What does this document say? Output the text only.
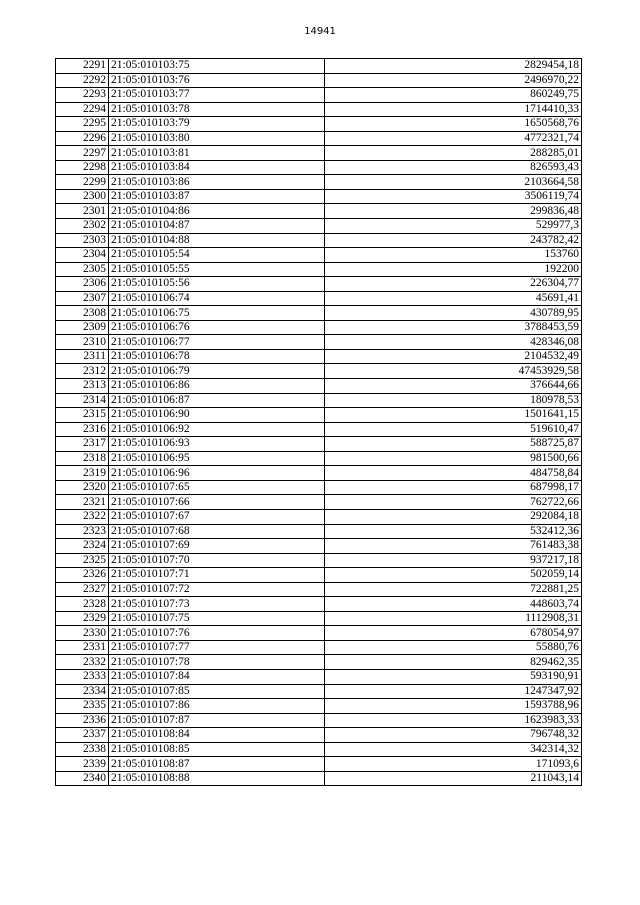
14941
2291	21:05:010103:75	2829454,18
2292	21:05:010103:76	2496970,22
2293	21:05:010103:77	860249,75
2294	21:05:010103:78	1714410,33
2295	21:05:010103:79	1650568,76
2296	21:05:010103:80	4772321,74
2297	21:05:010103:81	288285,01
2298	21:05:010103:84	826593,43
2299	21:05:010103:86	2103664,58
2300	21:05:010103:87	3506119,74
2301	21:05:010104:86	299836,48
2302	21:05:010104:87	529977,3
2303	21:05:010104:88	243782,42
2304	21:05:010105:54	153760
2305	21:05:010105:55	192200
2306	21:05:010105:56	226304,77
2307	21:05:010106:74	45691,41
2308	21:05:010106:75	430789,95
2309	21:05:010106:76	3788453,59
2310	21:05:010106:77	428346,08
2311	21:05:010106:78	2104532,49
2312	21:05:010106:79	47453929,58
2313	21:05:010106:86	376644,66
2314	21:05:010106:87	180978,53
2315	21:05:010106:90	1501641,15
2316	21:05:010106:92	519610,47
2317	21:05:010106:93	588725,87
2318	21:05:010106:95	981500,66
2319	21:05:010106:96	484758,84
2320	21:05:010107:65	687998,17
2321	21:05:010107:66	762722,66
2322	21:05:010107:67	292084,18
2323	21:05:010107:68	532412,36
2324	21:05:010107:69	761483,38
2325	21:05:010107:70	937217,18
2326	21:05:010107:71	502059,14
2327	21:05:010107:72	722881,25
2328	21:05:010107:73	448603,74
2329	21:05:010107:75	1112908,31
2330	21:05:010107:76	678054,97
2331	21:05:010107:77	55880,76
2332	21:05:010107:78	829462,35
2333	21:05:010107:84	593190,91
2334	21:05:010107:85	1247347,92
2335	21:05:010107:86	1593788,96
2336	21:05:010107:87	1623983,33
2337	21:05:010108:84	796748,32
2338	21:05:010108:85	342314,32
2339	21:05:010108:87	171093,6
2340	21:05:010108:88	211043,14
